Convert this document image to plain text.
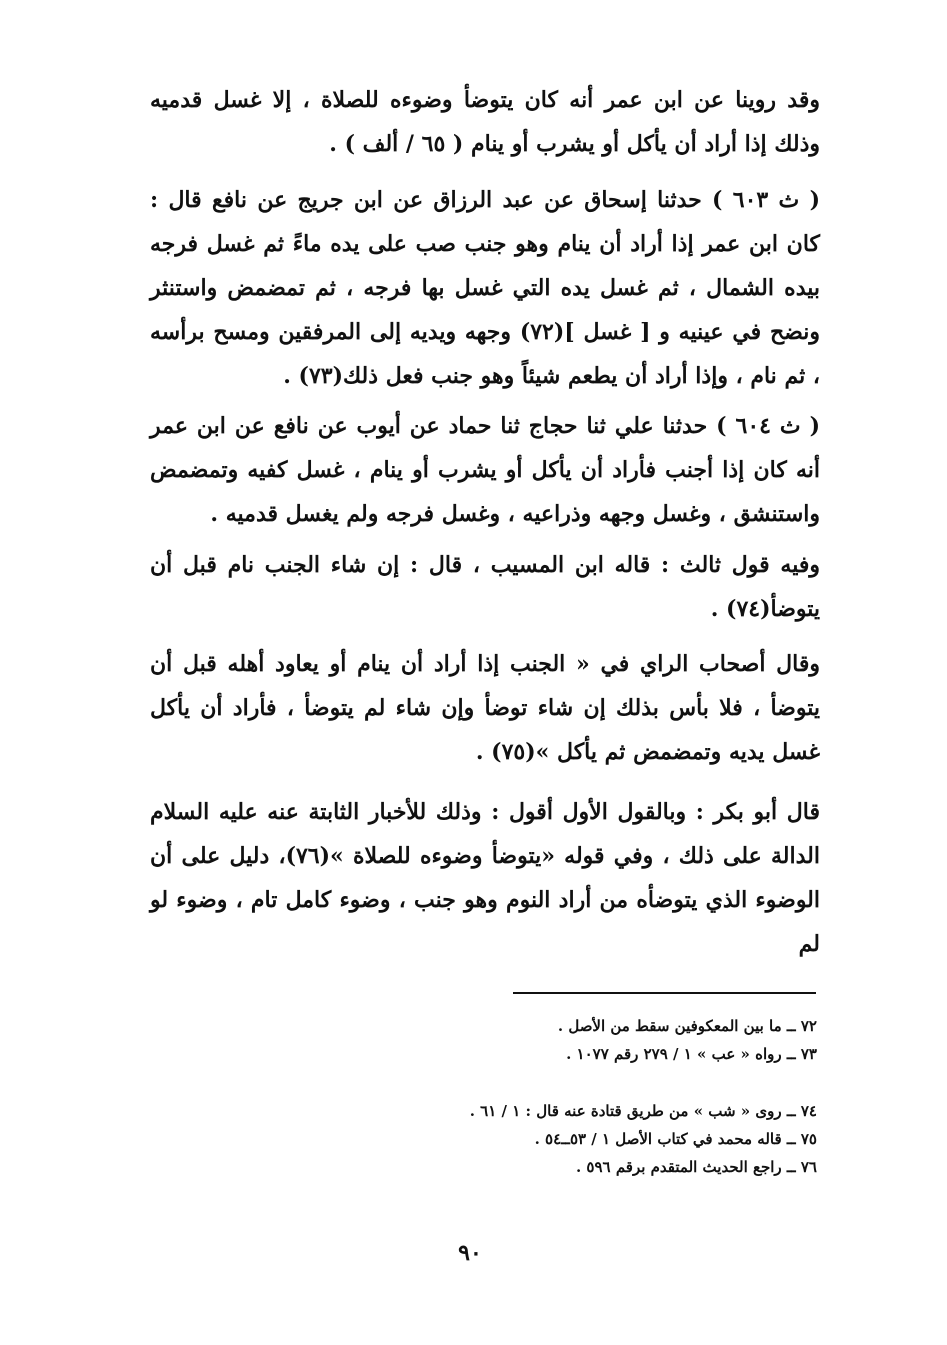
وقد روينا عن ابن عمر أنه كان يتوضأ وضوءه للصلاة ، إلا غسل قدميه وذلك إذا أراد أن يأكل أو يشرب أو ينام ( ٦٥ / ألف ) .

( ث ٦٠٣ ) حدثنا إسحاق عن عبد الرزاق عن ابن جريج عن نافع قال : كان ابن عمر إذا أراد أن ينام وهو جنب صب على يده ماءً ثم غسل فرجه بيده الشمال ، ثم غسل يده التي غسل بها فرجه ، ثم تمضمض واستنثر ونضح في عينيه و [ غسل ](٧٢) وجهه ويديه إلى المرفقين ومسح برأسه ، ثم نام ، وإذا أراد أن يطعم شيئاً وهو جنب فعل ذلك(٧٣) .

( ث ٦٠٤ ) حدثنا علي ثنا حجاج ثنا حماد عن أيوب عن نافع عن ابن عمر أنه كان إذا أجنب فأراد أن يأكل أو يشرب أو ينام ، غسل كفيه وتمضمض واستنشق ، وغسل وجهه وذراعيه ، وغسل فرجه ولم يغسل قدميه .

وفيه قول ثالث : قاله ابن المسيب ، قال : إن شاء الجنب نام قبل أن يتوضأ(٧٤) .

وقال أصحاب الراي في « الجنب إذا أراد أن ينام أو يعاود أهله قبل أن يتوضأ ، فلا بأس بذلك إن شاء توضأ وإن شاء لم يتوضأ ، فأراد أن يأكل غسل يديه وتمضمض ثم يأكل »(٧٥) .

قال أبو بكر : وبالقول الأول أقول : وذلك للأخبار الثابتة عنه عليه السلام الدالة على ذلك ، وفي قوله «يتوضأ وضوءه للصلاة »(٧٦)، دليل على أن الوضوء الذي يتوضأه من أراد النوم وهو جنب ، وضوء كامل تام ، وضوء لو لم

٧٢ ــ ما بين المعكوفين سقط من الأصل .

٧٣ ــ رواه « عب » ١ / ٢٧٩ رقم ١٠٧٧ .

٧٤ ــ روى « شب » من طريق قتادة عنه قال : ١ / ٦١ .

٧٥ ــ قاله محمد في كتاب الأصل ١ / ٥٣ــ٥٤ .

٧٦ ــ راجع الحديث المتقدم برقم ٥٩٦ .

٩٠
